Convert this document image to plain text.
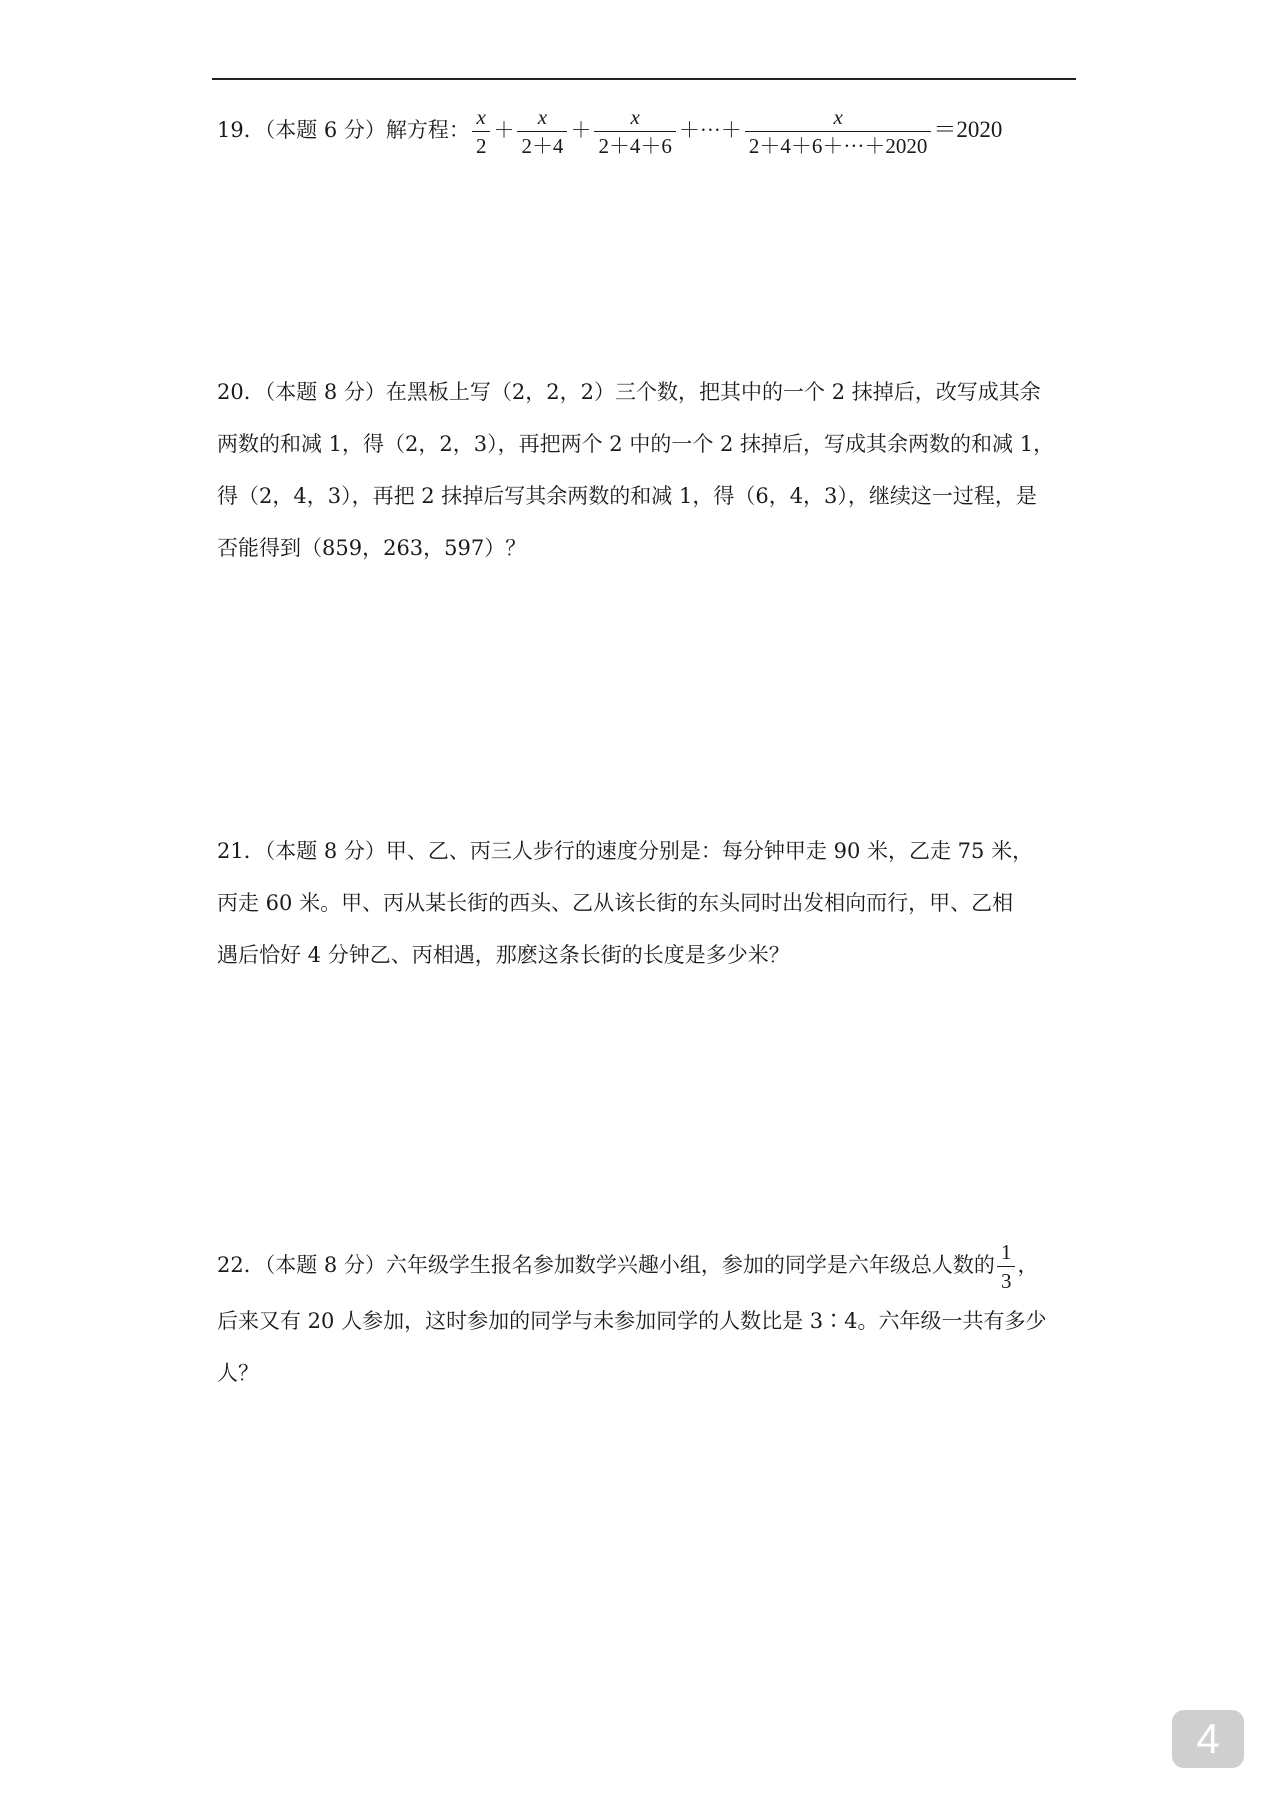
19．（本题 6 分）解方程： $\frac{x}{2} + \frac{x}{2+4} + \frac{x}{2+4+6}$ ＋···＋ $\frac{x}{2+4+6+\cdot\cdot\cdot+2020} =2020$

20．（本题 8 分）在黑板上写（2，2，2）三个数，把其中的一个 2 抹掉后，改写成其余

两数的和减 1，得（2，2，3），再把两个 2 中的一个 2 抹掉后，写成其余两数的和减 1，

得（2，4，3），再把 2 抹掉后写其余两数的和减 1，得（6，4，3），继续这一过程，是

否能得到（859，263，597）？

21．（本题 8 分）甲、乙、丙三人步行的速度分别是：每分钟甲走 90 米，乙走 75 米，

丙走 60 米。甲、丙从某长街的西头、乙从该长街的东头同时出发相向而行，甲、乙相

遇后恰好 4 分钟乙、丙相遇，那麽这条长街的长度是多少米？

22．（本题 8 分）六年级学生报名参加数学兴趣小组，参加的同学是六年级总人数的 $\frac{1}{3}$ ，

后来又有 20 人参加，这时参加的同学与未参加同学的人数比是 3∶4。六年级一共有多少

人？

4
